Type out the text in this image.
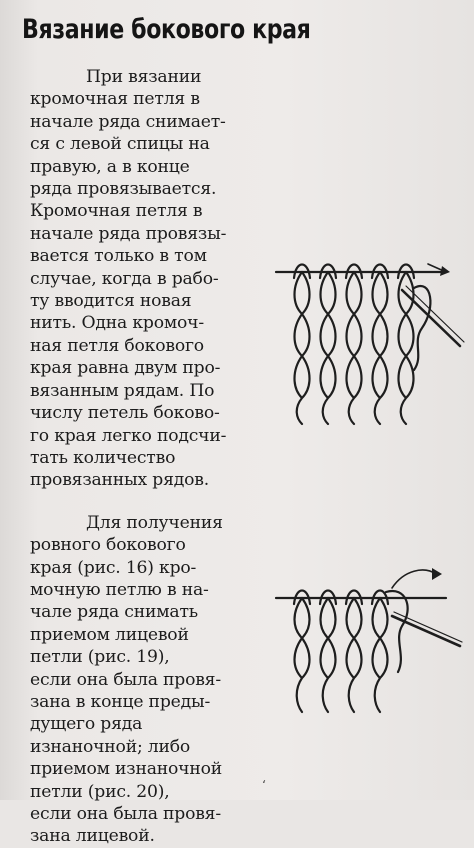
Вязание бокового края
При вязании
кромочная петля в
начале ряда снимает-
ся с левой спицы на
правую, а в конце
ряда провязывается.
Кромочная петля в
начале ряда провязы-
вается только в том
случае, когда в рабо-
ту вводится новая
нить. Одна кромоч-
ная петля бокового
края равна двум про-
вязанным рядам. По
числу петель боково-
го края легко подсчи-
тать количество
провязанных рядов.
Для получения
ровного бокового
края (рис. 16) кро-
мочную петлю в на-
чале ряда снимать
приемом лицевой
петли (рис. 19),
если она была провя-
зана в конце преды-
дущего ряда
изнаночной; либо
приемом изнаночной
петли (рис. 20),
если она была провя-
зана лицевой.
‘
